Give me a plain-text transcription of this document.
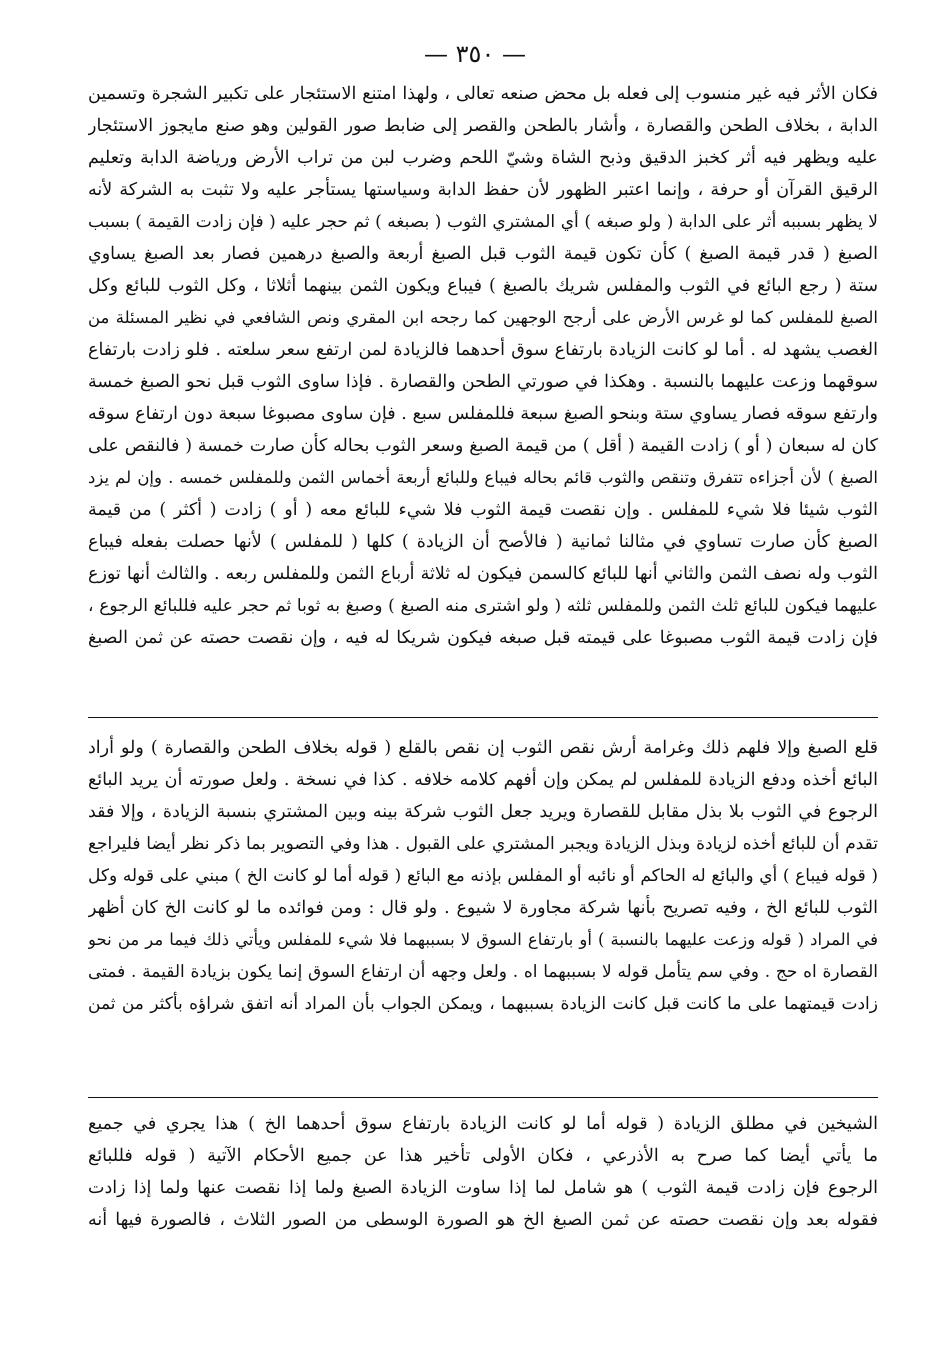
— ٣٥٠ —
فكان الأثر فيه غير منسوب إلى فعله بل محض صنعه تعالى ، ولهذا امتنع الاستئجار على تكبير الشجرة وتسمين
الدابة ، بخلاف الطحن والقصارة ، وأشار بالطحن والقصر إلى ضابط صور القولين وهو صنع مايجوز الاستئجار
عليه ويظهر فيه أثر كخبز الدقيق وذبح الشاة وشيّ اللحم وضرب لبن من تراب الأرض ورياضة الدابة وتعليم
الرقيق القرآن أو حرفة ، وإنما اعتبر الظهور لأن حفظ الدابة وسياستها يستأجر عليه ولا تثبت به الشركة لأنه
لا يظهر بسببه أثر على الدابة ( ولو صبغه ) أي المشتري الثوب ( بصبغه ) ثم حجر عليه ( فإن زادت القيمة ) بسبب
الصبغ ( قدر قيمة الصبغ ) كأن تكون قيمة الثوب قبل الصبغ أربعة والصبغ درهمين فصار بعد الصبغ يساوي
ستة ( رجع البائع في الثوب والمفلس شريك بالصبغ ) فيباع ويكون الثمن بينهما أثلاثا ، وكل الثوب للبائع وكل
الصبغ للمفلس كما لو غرس الأرض على أرجح الوجهين كما رجحه ابن المقري ونص الشافعي في نظير المسئلة من
الغصب يشهد له . أما لو كانت الزيادة بارتفاع سوق أحدهما فالزيادة لمن ارتفع سعر سلعته . فلو زادت بارتفاع
سوقهما وزعت عليهما بالنسبة . وهكذا في صورتي الطحن والقصارة . فإذا ساوى الثوب قبل نحو الصبغ خمسة
وارتفع سوقه فصار يساوي ستة وبنحو الصبغ سبعة فللمفلس سبع . فإن ساوى مصبوغا سبعة دون ارتفاع سوقه
كان له سبعان ( أو ) زادت القيمة ( أقل ) من قيمة الصبغ وسعر الثوب بحاله كأن صارت خمسة ( فالنقص على
الصبغ ) لأن أجزاءه تتفرق وتنقص والثوب قائم بحاله فيباع وللبائع أربعة أخماس الثمن وللمفلس خمسه . وإن لم يزد
الثوب شيئا فلا شيء للمفلس . وإن نقصت قيمة الثوب فلا شيء للبائع معه ( أو ) زادت ( أكثر ) من قيمة
الصبغ كأن صارت تساوي في مثالنا ثمانية ( فالأصح أن الزيادة ) كلها ( للمفلس ) لأنها حصلت بفعله فيباع
الثوب وله نصف الثمن والثاني أنها للبائع كالسمن فيكون له ثلاثة أرباع الثمن وللمفلس ربعه . والثالث أنها توزع
عليهما فيكون للبائع ثلث الثمن وللمفلس ثلثه ( ولو اشترى منه الصبغ ) وصبغ به ثوبا ثم حجر عليه فللبائع الرجوع ،
فإن زادت قيمة الثوب مصبوغا على قيمته قبل صبغه فيكون شريكا له فيه ، وإن نقصت حصته عن ثمن الصبغ
قلع الصبغ وإلا فلهم ذلك وغرامة أرش نقص الثوب إن نقص بالقلع ( قوله بخلاف الطحن والقصارة ) ولو أراد
البائع أخذه ودفع الزيادة للمفلس لم يمكن وإن أفهم كلامه خلافه . كذا في نسخة . ولعل صورته أن يريد البائع
الرجوع في الثوب بلا بذل مقابل للقصارة ويريد جعل الثوب شركة بينه وبين المشتري بنسبة الزيادة ، وإلا فقد
تقدم أن للبائع أخذه لزيادة وبذل الزيادة ويجبر المشتري على القبول . هذا وفي التصوير بما ذكر نظر أيضا فليراجع
( قوله فيباع ) أي والبائع له الحاكم أو نائبه أو المفلس بإذنه مع البائع ( قوله أما لو كانت الخ ) مبني على قوله وكل
الثوب للبائع الخ ، وفيه تصريح بأنها شركة مجاورة لا شيوع . ولو قال : ومن فوائده ما لو كانت الخ كان أظهر
في المراد ( قوله وزعت عليهما بالنسبة ) أو بارتفاع السوق لا بسببهما فلا شيء للمفلس ويأتي ذلك فيما مر من نحو
القصارة اه حج . وفي سم يتأمل قوله لا بسببهما اه . ولعل وجهه أن ارتفاع السوق إنما يكون بزيادة القيمة . فمتى
زادت قيمتهما على ما كانت قبل كانت الزيادة بسببهما ، ويمكن الجواب بأن المراد أنه اتفق شراؤه بأكثر من ثمن
الشيخين في مطلق الزيادة ( قوله أما لو كانت الزيادة بارتفاع سوق أحدهما الخ ) هذا يجري في جميع
ما يأتي أيضا كما صرح به الأذرعي ، فكان الأولى تأخير هذا عن جميع الأحكام الآتية ( قوله فللبائع
الرجوع فإن زادت قيمة الثوب ) هو شامل لما إذا ساوت الزيادة الصبغ ولما إذا نقصت عنها ولما إذا زادت
فقوله بعد وإن نقصت حصته عن ثمن الصبغ الخ هو الصورة الوسطى من الصور الثلاث ، فالصورة فيها أنه
